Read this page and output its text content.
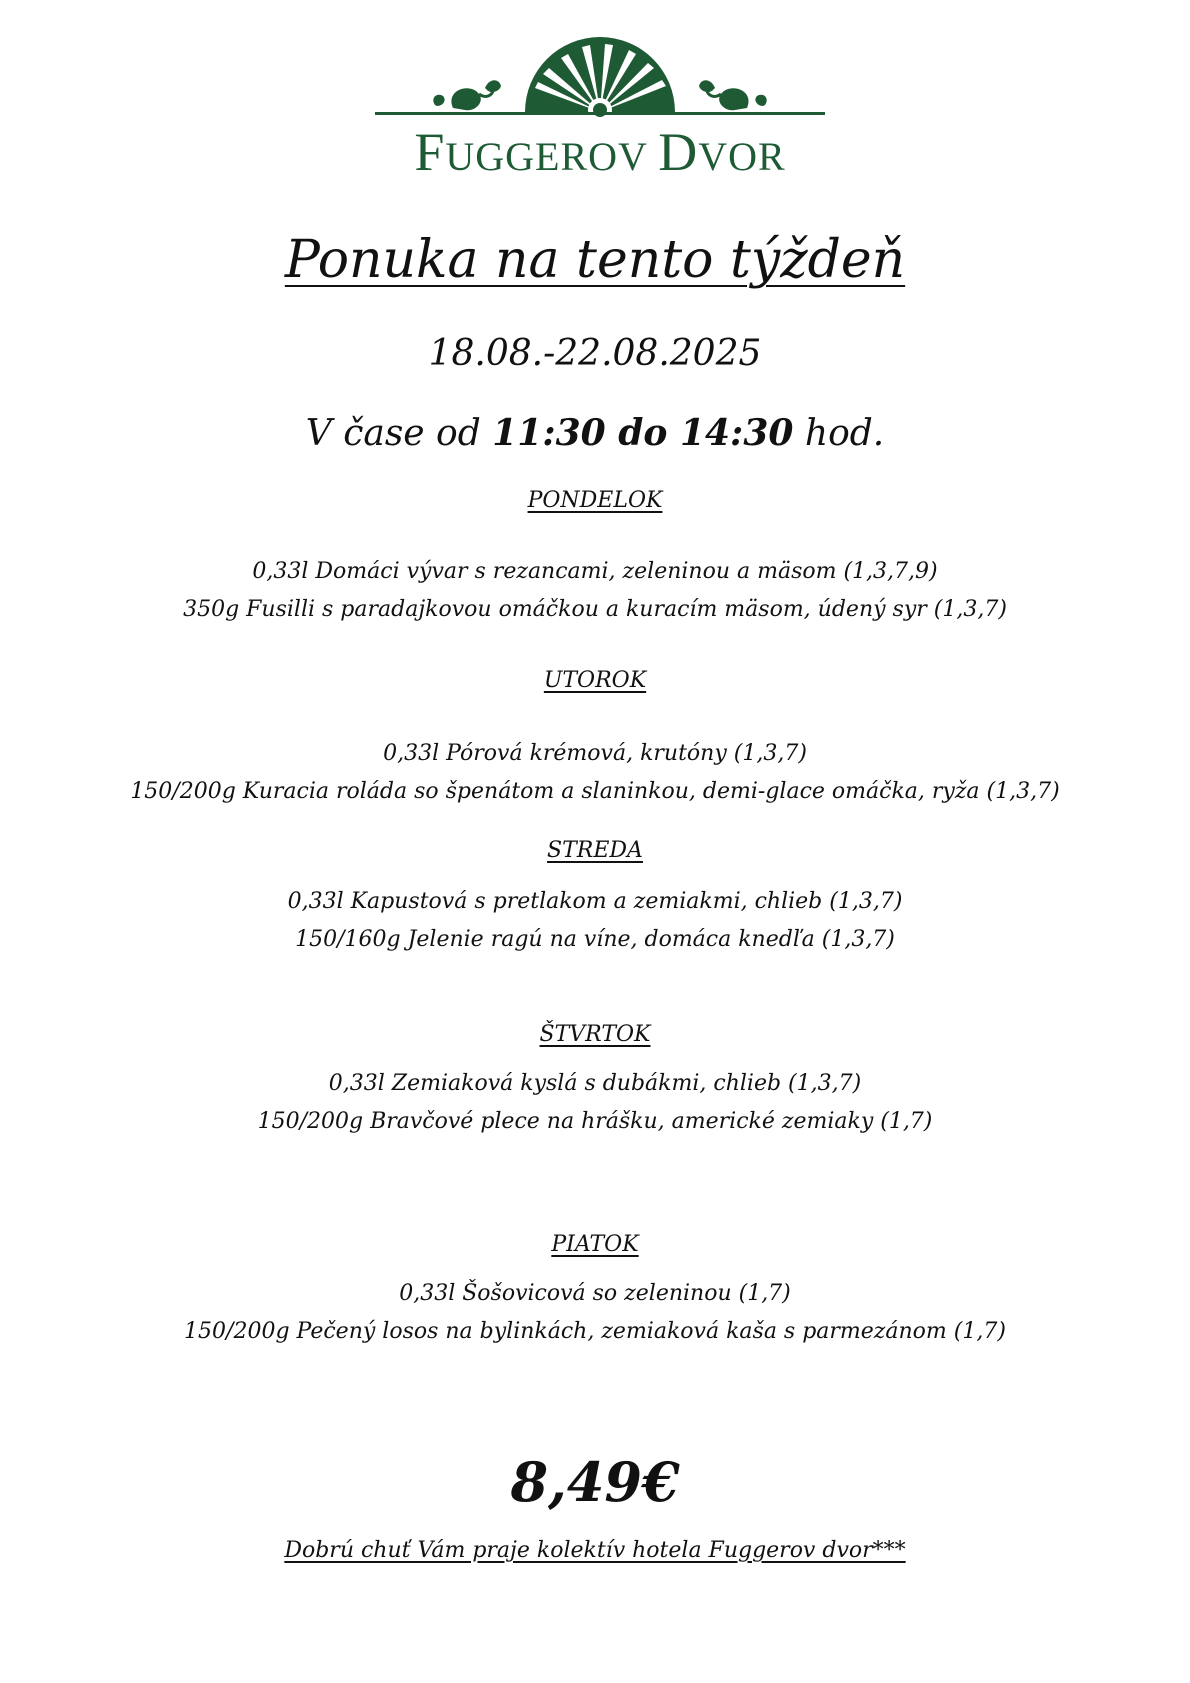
FUGGEROV DVOR
Ponuka na tento týždeň
18.08.-22.08.2025
V čase od 11:30 do 14:30 hod.
PONDELOK
0,33l Domáci vývar s rezancami, zeleninou a mäsom (1,3,7,9)
350g Fusilli s paradajkovou omáčkou a kuracím mäsom, údený syr (1,3,7)
UTOROK
0,33l Pórová krémová, krutóny (1,3,7)
150/200g Kuracia roláda so špenátom a slaninkou, demi-glace omáčka, ryža (1,3,7)
STREDA
0,33l Kapustová s pretlakom a zemiakmi, chlieb (1,3,7)
150/160g Jelenie ragú na víne, domáca knedľa (1,3,7)
ŠTVRTOK
0,33l Zemiaková kyslá s dubákmi, chlieb (1,3,7)
150/200g Bravčové plece na hrášku, americké zemiaky (1,7)
PIATOK
0,33l Šošovicová so zeleninou (1,7)
150/200g Pečený losos na bylinkách, zemiaková kaša s parmezánom (1,7)
8,49€
Dobrú chuť Vám praje kolektív hotela Fuggerov dvor***
